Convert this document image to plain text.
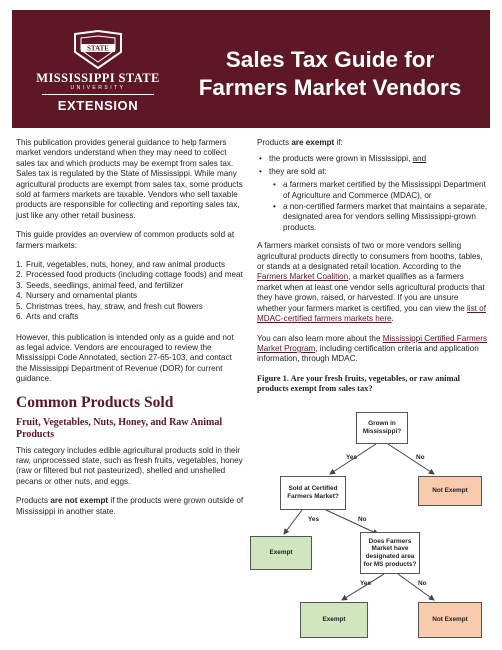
STATE
MISSISSIPPI STATE
UNIVERSITY
EXTENSION
Sales Tax Guide for
Farmers Market Vendors

This publication provides general guidance to help farmers market vendors understand when they may need to collect sales tax and which products may be exempt from sales tax. Sales tax is regulated by the State of Mississippi. While many agricultural products are exempt from sales tax, some products sold at farmers markets are taxable. Vendors who sell taxable products are responsible for collecting and reporting sales tax, just like any other retail business.

This guide provides an overview of common products sold at farmers markets:

1. Fruit, vegetables, nuts, honey, and raw animal products
2. Processed food products (including cottage foods) and meat
3. Seeds, seedlings, animal feed, and fertilizer
4. Nursery and ornamental plants
5. Christmas trees, hay, straw, and fresh cut flowers
6. Arts and crafts

However, this publication is intended only as a guide and not as legal advice. Vendors are encouraged to review the Mississippi Code Annotated, section 27-65-103, and contact the Mississippi Department of Revenue (DOR) for current guidance.

Common Products Sold
Fruit, Vegetables, Nuts, Honey, and Raw Animal Products

This category includes edible agricultural products sold in their raw, unprocessed state, such as fresh fruits, vegetables, honey (raw or filtered but not pasteurized), shelled and unshelled pecans or other nuts, and eggs.

Products are not exempt if the products were grown outside of Mississippi in another state.

Products are exempt if:

• the products were grown in Mississippi, and
• they are sold at:
• a farmers market certified by the Mississippi Department of Agriculture and Commerce (MDAC), or
• a non-certified farmers market that maintains a separate, designated area for vendors selling Mississippi-grown products.

A farmers market consists of two or more vendors selling agricultural products directly to consumers from booths, tables, or stands at a designated retail location. According to the Farmers Market Coalition, a market qualifies as a farmers market when at least one vendor sells agricultural products that they have grown, raised, or harvested. If you are unsure whether your farmers market is certified, you can view the list of MDAC-certified farmers markets here.

You can also learn more about the Mississippi Certified Farmers Market Program, including certification criteria and application information, through MDAC.

Figure 1. Are your fresh fruits, vegetables, or raw animal products exempt from sales tax?
Grown in Mississippi?
Not Exempt
Sold at Certified Farmers Market?
Exempt
Does Farmers Market have designated area for MS products?
Exempt	Not Exempt
Yes	No
Yes	No
Yes	No
